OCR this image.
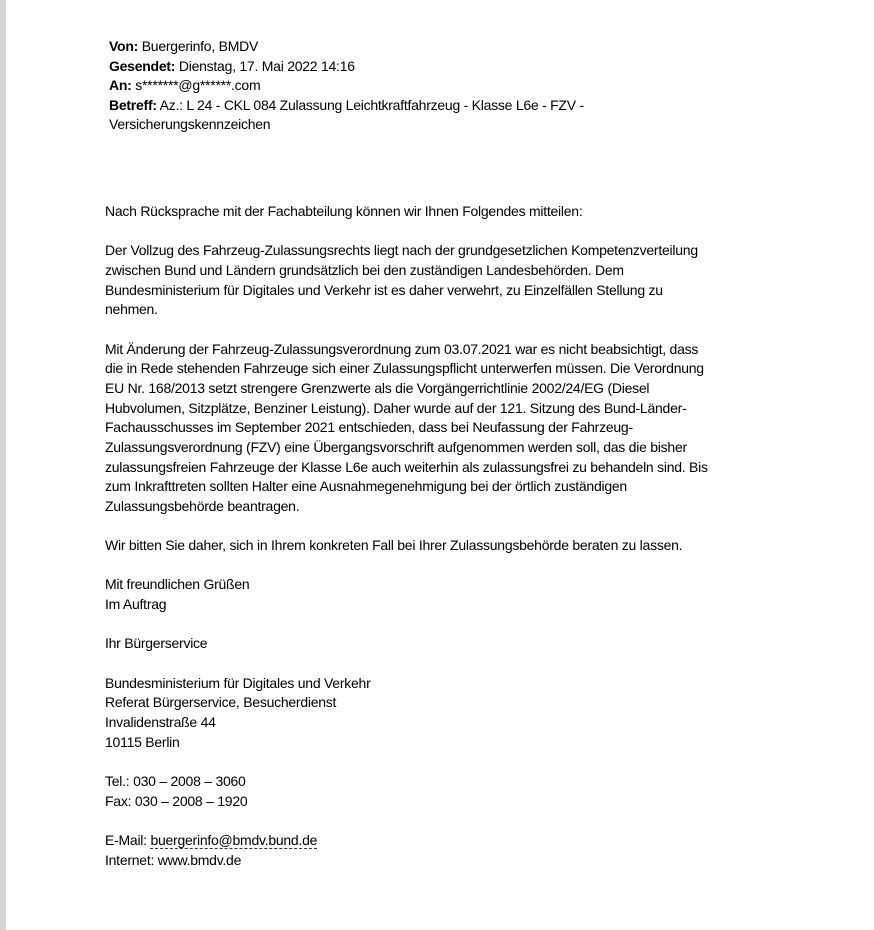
Von: Buergerinfo, BMDV

Gesendet: Dienstag, 17. Mai 2022 14:16

An: s*******@g******.com

Betreff: Az.: L 24 - CKL 084 Zulassung Leichtkraftfahrzeug - Klasse L6e - FZV -

Versicherungskennzeichen

Nach Rücksprache mit der Fachabteilung können wir Ihnen Folgendes mitteilen:

Der Vollzug des Fahrzeug-Zulassungsrechts liegt nach der grundgesetzlichen Kompetenzverteilung
zwischen Bund und Ländern grundsätzlich bei den zuständigen Landesbehörden. Dem
Bundesministerium für Digitales und Verkehr ist es daher verwehrt, zu Einzelfällen Stellung zu
nehmen.

Mit Änderung der Fahrzeug-Zulassungsverordnung zum 03.07.2021 war es nicht beabsichtigt, dass
die in Rede stehenden Fahrzeuge sich einer Zulassungspflicht unterwerfen müssen. Die Verordnung
EU Nr. 168/2013 setzt strengere Grenzwerte als die Vorgängerrichtlinie 2002/24/EG (Diesel
Hubvolumen, Sitzplätze, Benziner Leistung). Daher wurde auf der 121. Sitzung des Bund-Länder-
Fachausschusses im September 2021 entschieden, dass bei Neufassung der Fahrzeug-
Zulassungsverordnung (FZV) eine Übergangsvorschrift aufgenommen werden soll, das die bisher
zulassungsfreien Fahrzeuge der Klasse L6e auch weiterhin als zulassungsfrei zu behandeln sind. Bis
zum Inkrafttreten sollten Halter eine Ausnahmegenehmigung bei der örtlich zuständigen
Zulassungsbehörde beantragen.

Wir bitten Sie daher, sich in Ihrem konkreten Fall bei Ihrer Zulassungsbehörde beraten zu lassen.

Mit freundlichen Grüßen
Im Auftrag

Ihr Bürgerservice

Bundesministerium für Digitales und Verkehr
Referat Bürgerservice, Besucherdienst
Invalidenstraße 44
10115 Berlin

Tel.: 030 – 2008 – 3060
Fax: 030 – 2008 – 1920

E-Mail: buergerinfo@bmdv.bund.de
Internet: www.bmdv.de
